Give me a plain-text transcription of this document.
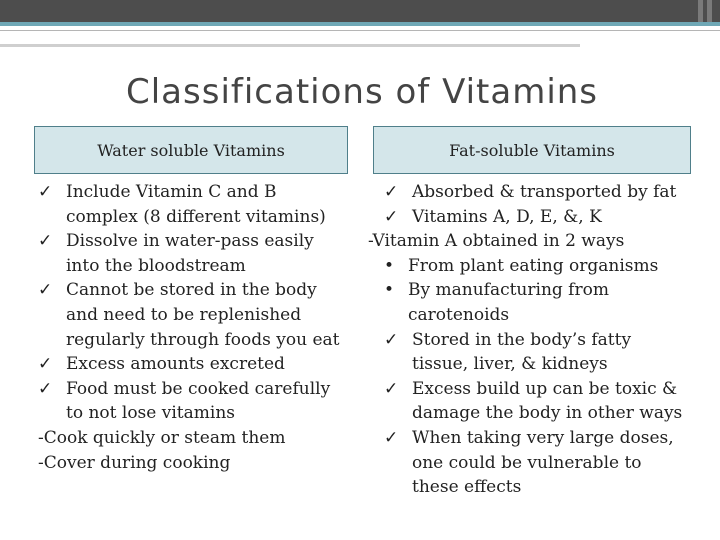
Classifications of Vitamins
Water soluble Vitamins	Fat-soluble Vitamins
✓ Include Vitamin C and B
complex (8 different vitamins)
✓ Dissolve in water-pass easily
into the bloodstream
✓ Cannot be stored in the body
and need to be replenished
regularly through foods you eat
✓ Excess amounts excreted
✓ Food must be cooked carefully
to not lose vitamins
-Cook quickly or steam them
-Cover during cooking
✓ Absorbed & transported by fat
✓ Vitamins A, D, E, &, K
-Vitamin A obtained in 2 ways
• From plant eating organisms
• By manufacturing from
carotenoids
✓ Stored in the body’s fatty
tissue, liver, & kidneys
✓ Excess build up can be toxic &
damage the body in other ways
✓ When taking very large doses,
one could be vulnerable to
these effects
